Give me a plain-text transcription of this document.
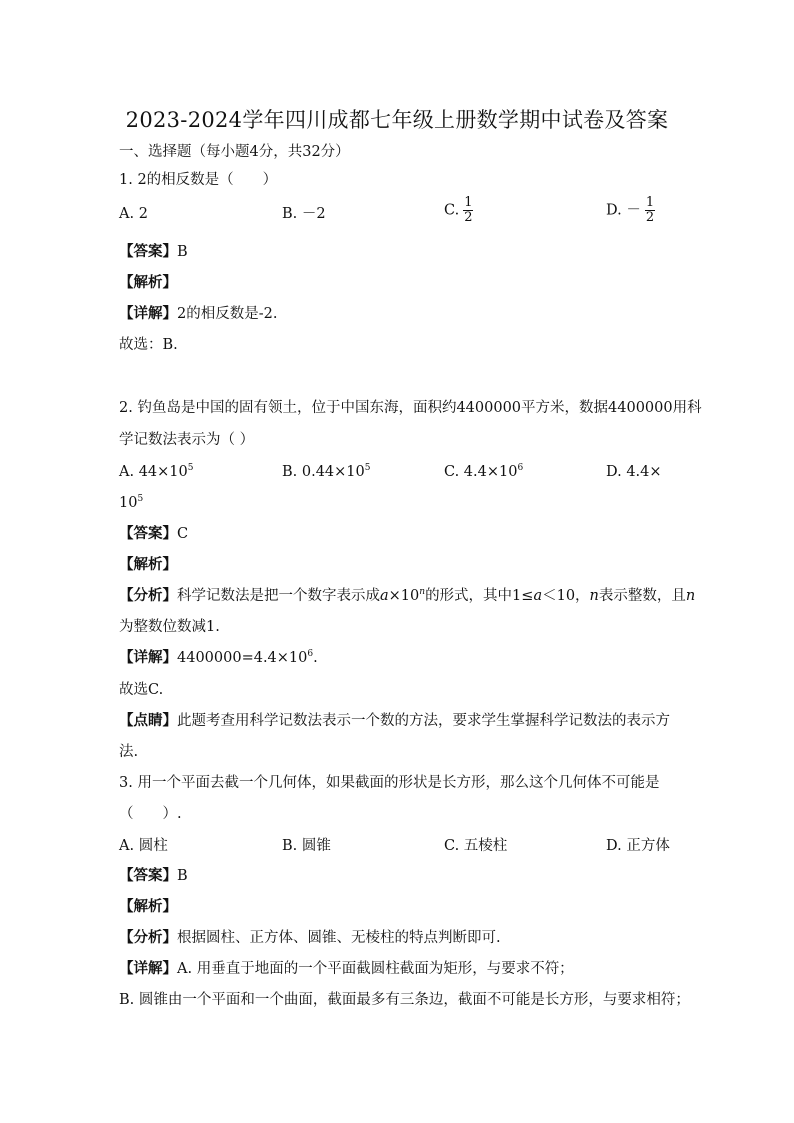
2023-2024学年四川成都七年级上册数学期中试卷及答案
一、选择题（每小题4分，共32分）
1. 2的相反数是（　　）
A. 2	B. －2	C. $\frac{1}{2}$	D. － $\frac{1}{2}$
【答案】B
【解析】
【详解】2的相反数是-2.
故选：B.
2. 钓鱼岛是中国的固有领土，位于中国东海，面积约4400000平方米，数据4400000用科
学记数法表示为（ ）
A. $44\times 10^5$	B. $0.44\times 10^5$	C. $4.4\times 10^6$	D. 4.4×
$10^5$
【答案】C
【解析】
【分析】科学记数法是把一个数字表示成$a\times 10^n$的形式，其中1≤a＜10，n表示整数，且n
为整数位数减1.
【详解】$4400000=4.4\times 10^6$.
故选C.
【点睛】此题考查用科学记数法表示一个数的方法，要求学生掌握科学记数法的表示方
法.
3. 用一个平面去截一个几何体，如果截面的形状是长方形，那么这个几何体不可能是
（　　）.
A. 圆柱	B. 圆锥	C. 五棱柱	D. 正方体
【答案】B
【解析】
【分析】根据圆柱、正方体、圆锥、无棱柱的特点判断即可.
【详解】A. 用垂直于地面的一个平面截圆柱截面为矩形，与要求不符；
B. 圆锥由一个平面和一个曲面，截面最多有三条边，截面不可能是长方形，与要求相符；
